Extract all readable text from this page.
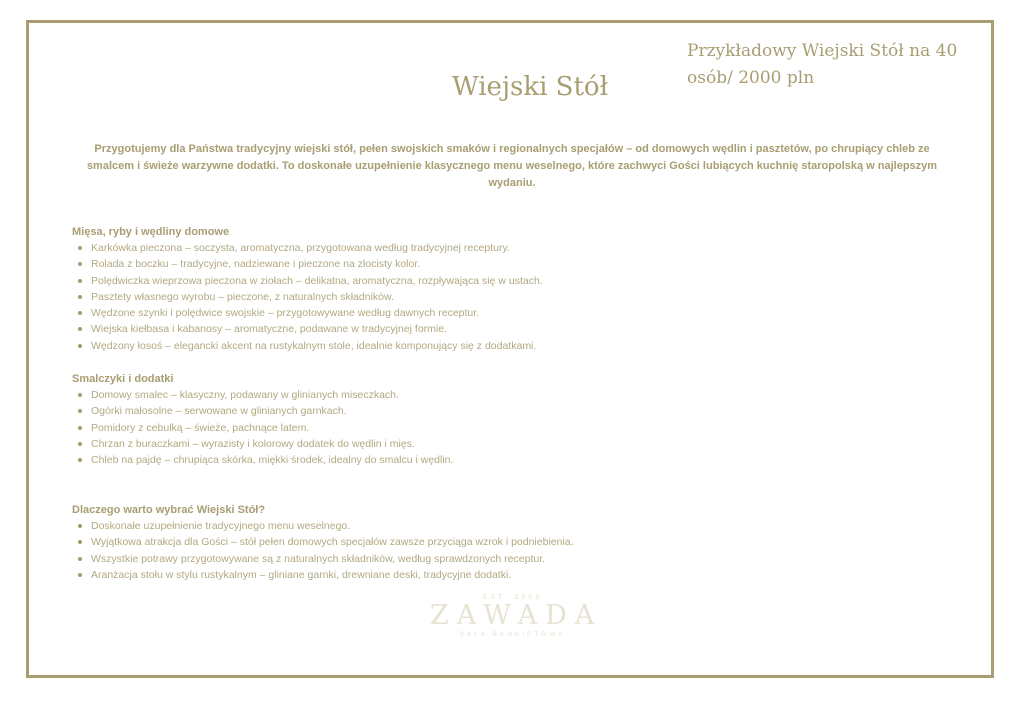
Przykładowy Wiejski Stół na 40 osób/ 2000 pln
Wiejski Stół
Przygotujemy dla Państwa tradycyjny wiejski stół, pełen swojskich smaków i regionalnych specjałów – od domowych wędlin i pasztetów, po chrupiący chleb ze smalcem i świeże warzywne dodatki. To doskonałe uzupełnienie klasycznego menu weselnego, które zachwyci Gości lubiących kuchnię staropolską w najlepszym wydaniu.
Mięsa, ryby i wędliny domowe
Karkówka pieczona – soczysta, aromatyczna, przygotowana według tradycyjnej receptury.
Rolada z boczku – tradycyjne, nadziewane i pieczone na złocisty kolor.
Polędwiczka wieprzowa pieczona w ziołach – delikatna, aromatyczna, rozpływająca się w ustach.
Pasztety własnego wyrobu – pieczone, z naturalnych składników.
Wędzone szynki i polędwice swojskie – przygotowywane według dawnych receptur.
Wiejska kiełbasa i kabanosy – aromatyczne, podawane w tradycyjnej formie.
Wędzony łosoś – elegancki akcent na rustykalnym stole, idealnie komponujący się z dodatkami.
Smalczyki i dodatki
Domowy smalec – klasyczny, podawany w glinianych miseczkach.
Ogórki małosolne – serwowane w glinianych garnkach.
Pomidory z cebulką – świeże, pachnące latem.
Chrzan z buraczkami – wyrazisty i kolorowy dodatek do wędlin i mięs.
Chleb na pajdę – chrupiąca skórka, miękki środek, idealny do smalcu i wędlin.
Dlaczego warto wybrać Wiejski Stół?
Doskonałe uzupełnienie tradycyjnego menu weselnego.
Wyjątkowa atrakcja dla Gości – stół pełen domowych specjałów zawsze przyciąga wzrok i podniebienia.
Wszystkie potrawy przygotowywane są z naturalnych składników, według sprawdzonych receptur.
Aranżacja stołu w stylu rustykalnym – gliniane garnki, drewniane deski, tradycyjne dodatki.
EST. 2003
ZAWADA
SALA BANKIETOWA
